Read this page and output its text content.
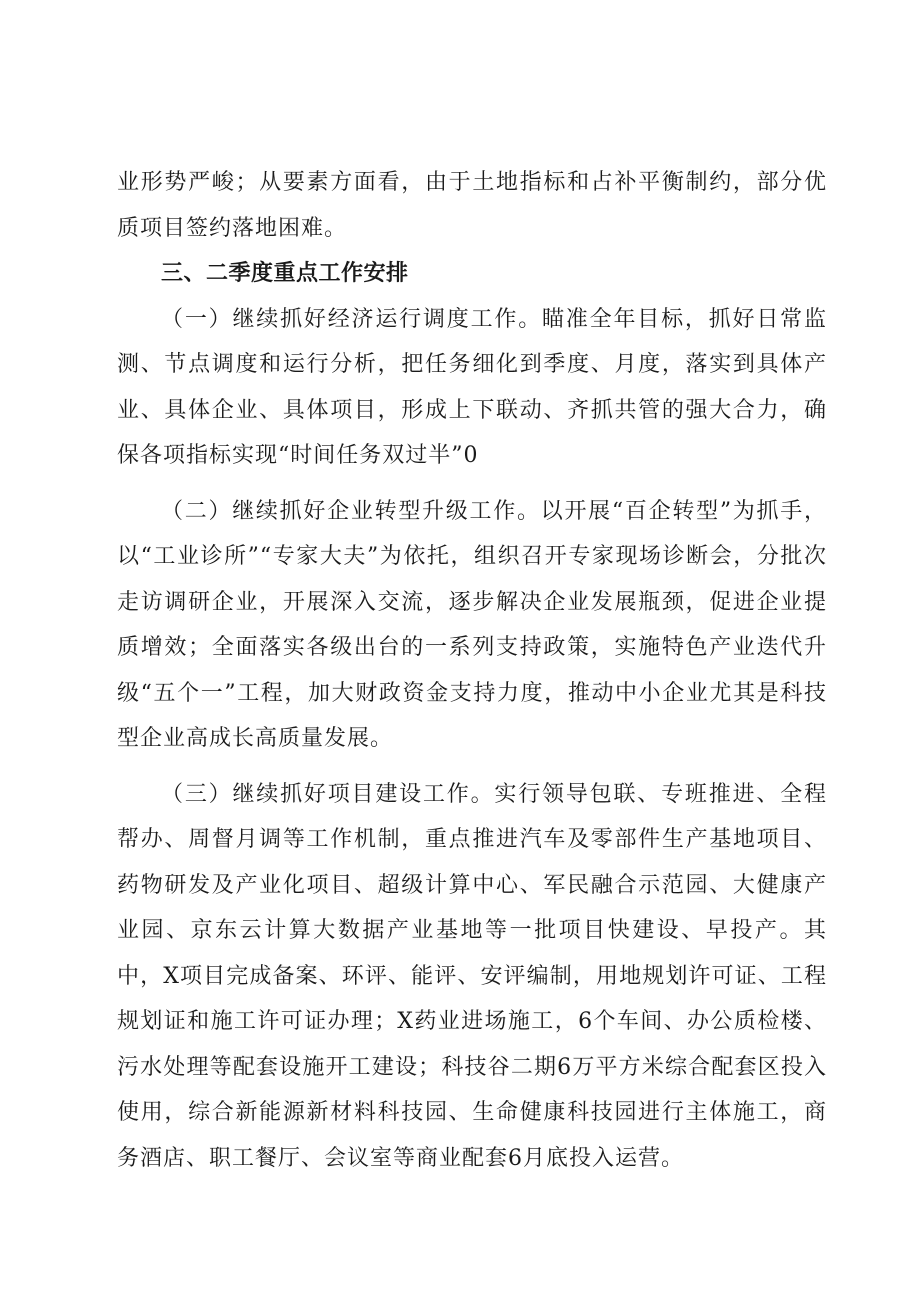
业形势严峻；从要素方面看，由于土地指标和占补平衡制约，部分优质项目签约落地困难。

三、二季度重点工作安排

（一）继续抓好经济运行调度工作。瞄准全年目标，抓好日常监测、节点调度和运行分析，把任务细化到季度、月度，落实到具体产业、具体企业、具体项目，形成上下联动、齐抓共管的强大合力，确保各项指标实现“时间任务双过半”0

（二）继续抓好企业转型升级工作。以开展“百企转型”为抓手，以“工业诊所”“专家大夫”为依托，组织召开专家现场诊断会，分批次走访调研企业，开展深入交流，逐步解决企业发展瓶颈，促进企业提质增效；全面落实各级出台的一系列支持政策，实施特色产业迭代升级“五个一”工程，加大财政资金支持力度，推动中小企业尤其是科技型企业高成长高质量发展。

（三）继续抓好项目建设工作。实行领导包联、专班推进、全程帮办、周督月调等工作机制，重点推进汽车及零部件生产基地项目、药物研发及产业化项目、超级计算中心、军民融合示范园、大健康产业园、京东云计算大数据产业基地等一批项目快建设、早投产。其中，X项目完成备案、环评、能评、安评编制，用地规划许可证、工程规划证和施工许可证办理；X药业进场施工，6个车间、办公质检楼、污水处理等配套设施开工建设；科技谷二期6万平方米综合配套区投入使用，综合新能源新材料科技园、生命健康科技园进行主体施工，商务酒店、职工餐厅、会议室等商业配套6月底投入运营。
